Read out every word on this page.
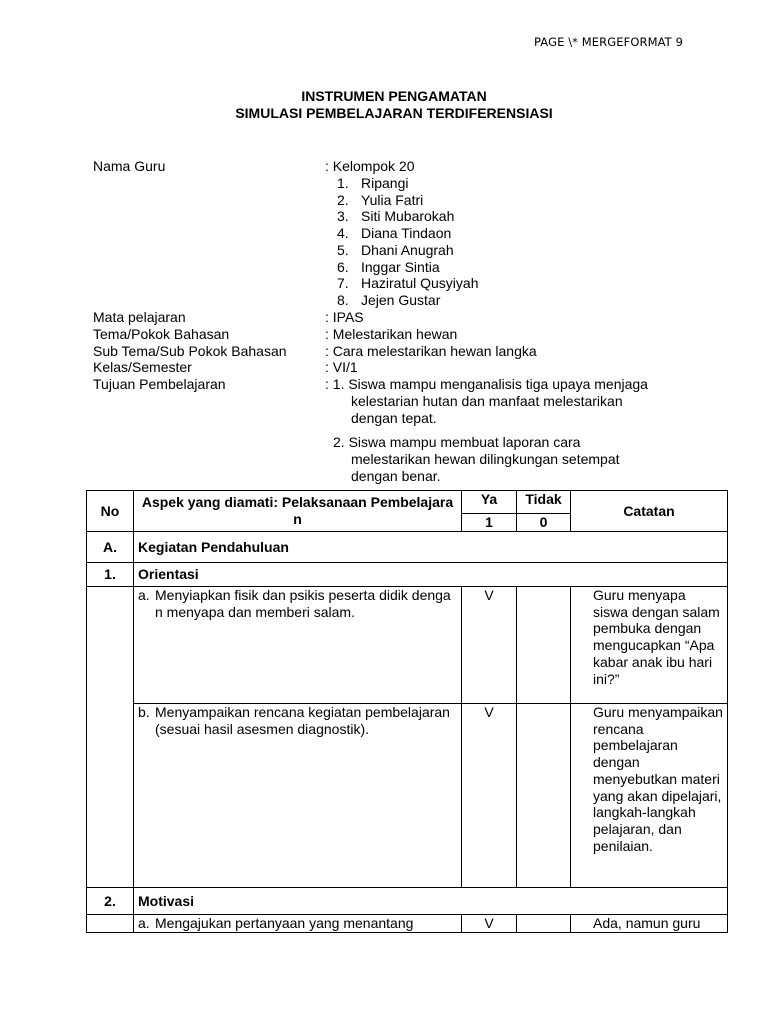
PAGE \* MERGEFORMAT 9
INSTRUMEN PENGAMATAN
SIMULASI PEMBELAJARAN TERDIFERENSIASI
Nama Guru	: Kelompok 20
1. Ripangi
2. Yulia Fatri
3. Siti Mubarokah
4. Diana Tindaon
5. Dhani Anugrah
6. Inggar Sintia
7. Haziratul Qusyiyah
8. Jejen Gustar
Mata pelajaran	: IPAS
Tema/Pokok Bahasan	: Melestarikan hewan
Sub Tema/Sub Pokok Bahasan	: Cara melestarikan hewan langka
Kelas/Semester	: VI/1
Tujuan Pembelajaran	: 1. Siswa mampu menganalisis tiga upaya menjaga
kelestarian hutan dan manfaat melestarikan
dengan tepat.
2. Siswa mampu membuat laporan cara
melestarikan hewan dilingkungan setempat
dengan benar.
No	Aspek yang diamati: Pelaksanaan Pembelajaran	Ya	Tidak	Catatan
		1	0	
A.	Kegiatan Pendahuluan			
1.	Orientasi			

	a. Menyiapkan fisik dan psikis peserta didik dengan menyapa dan memberi salam.	V		Guru menyapa siswa dengan salam pembuka dengan mengucapkan “Apa kabar anak ibu hari ini?”

	b. Menyampaikan rencana kegiatan pembelajaran (sesuai hasil asesmen diagnostik).	V		Guru menyampaikan rencana pembelajaran dengan menyebutkan materi yang akan dipelajari, langkah-langkah pelajaran, dan penilaian.
2.	Motivasi			

	a. Mengajukan pertanyaan yang menantang	V		Ada, namun guru
